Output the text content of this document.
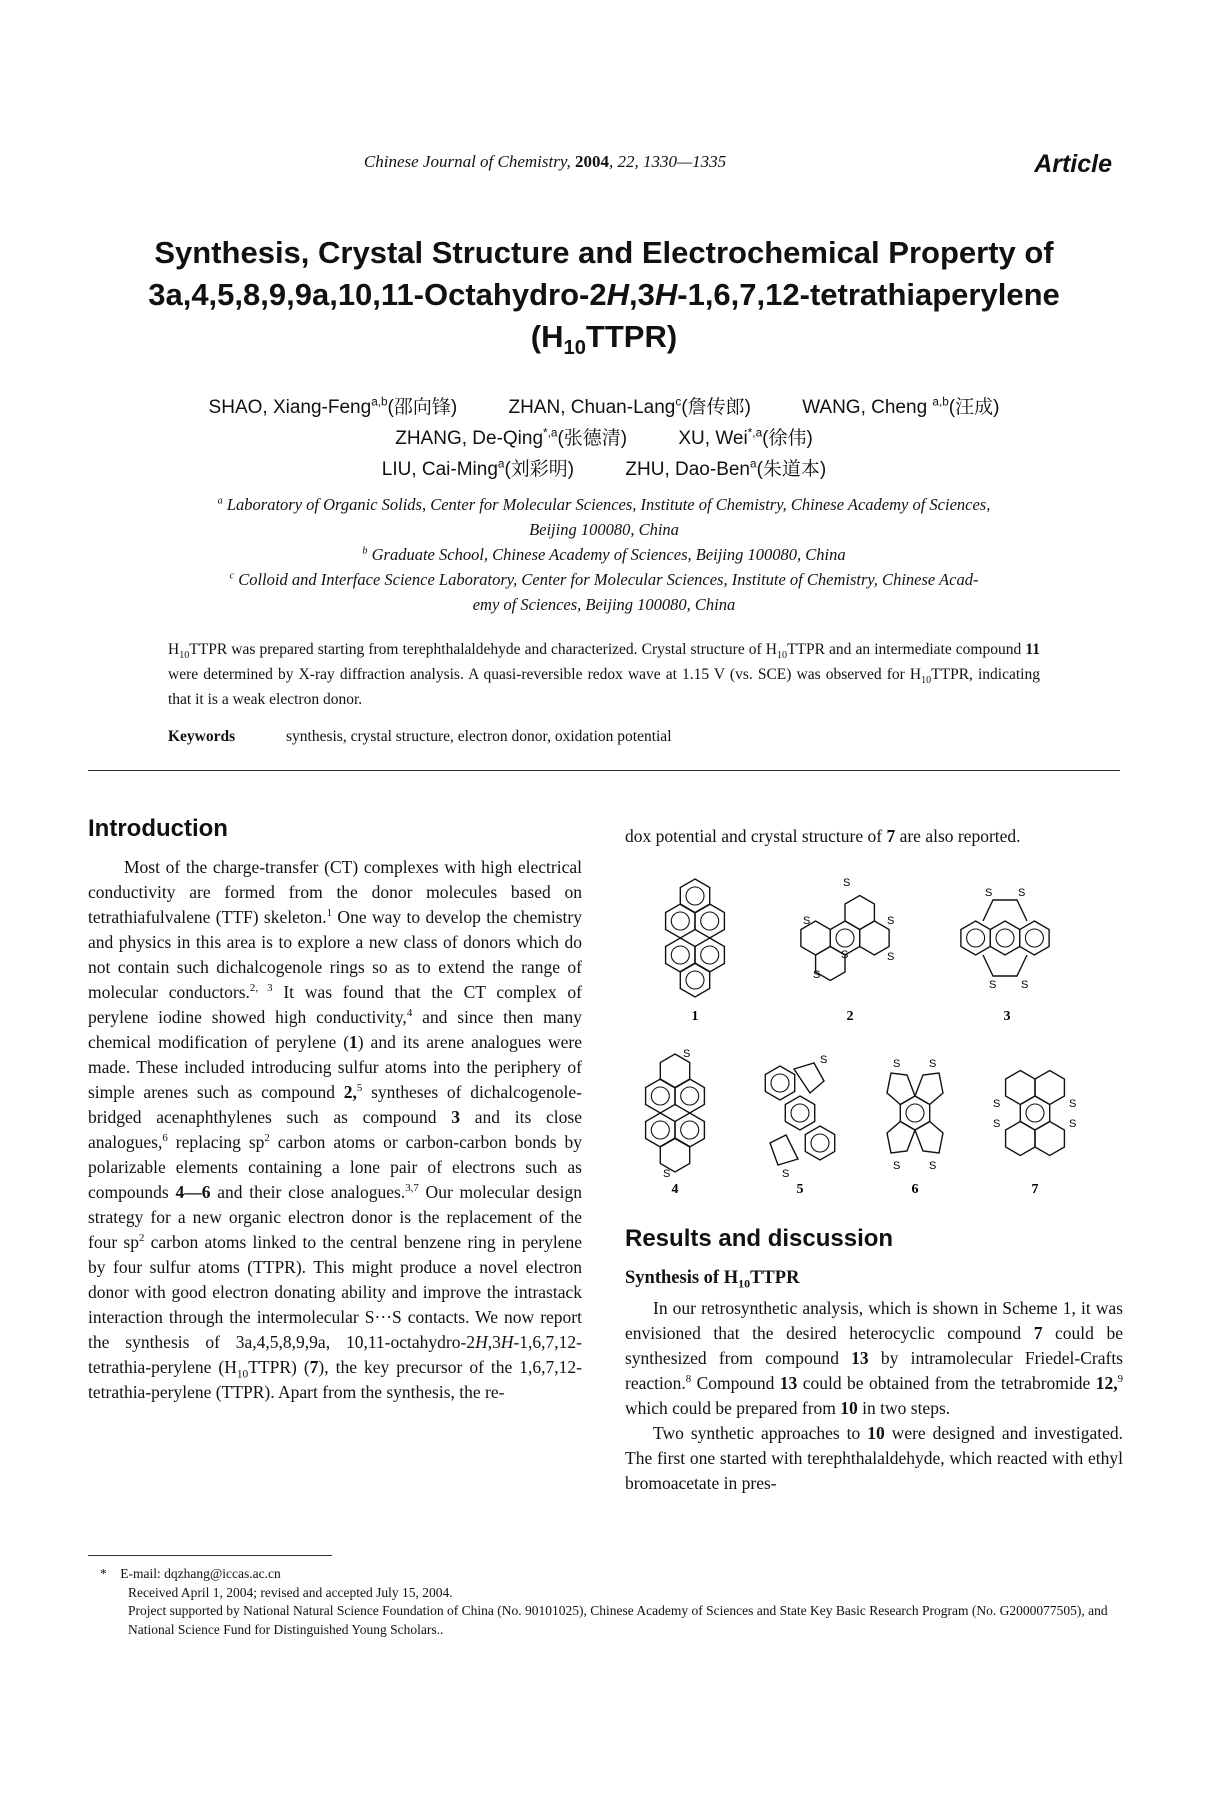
Chinese Journal of Chemistry, 2004, 22, 1330—1335	Article
Synthesis, Crystal Structure and Electrochemical Property of
3a,4,5,8,9,9a,10,11-Octahydro-2H,3H-1,6,7,12-tetrathiaperylene
$(H_{10}TTPR)$
SHAO, Xiang-Feng$^{a,b}$(邵向锋)	ZHAN, Chuan-Lang$^c$(詹传郎)	WANG, Cheng $^{a,b}$(汪成)
ZHANG, De-Qing$^{*,a}$(张德清)	XU, Wei$^{*,a}$(徐伟)
LIU, Cai-Ming$^a$(刘彩明)	ZHU, Dao-Ben$^a$(朱道本)
$^a$ Laboratory of Organic Solids, Center for Molecular Sciences, Institute of Chemistry, Chinese Academy of Sciences,
Beijing 100080, China
$^b$ Graduate School, Chinese Academy of Sciences, Beijing 100080, China
$^c$ Colloid and Interface Science Laboratory, Center for Molecular Sciences, Institute of Chemistry, Chinese Acad-
emy of Sciences, Beijing 100080, China
$H_{10}TTPR$ was prepared starting from terephthalaldehyde and characterized. Crystal structure of $H_{10}TTPR$ and an intermediate compound 11 were determined by X-ray diffraction analysis. A quasi-reversible redox wave at 1.15 V (vs. SCE) was observed for $H_{10}TTPR$, indicating that it is a weak electron donor.
Keywords	synthesis, crystal structure, electron donor, oxidation potential
Introduction
Most of the charge-transfer (CT) complexes with high electrical conductivity are formed from the donor molecules based on tetrathiafulvalene (TTF) skeleton.$^1$ One way to develop the chemistry and physics in this area is to explore a new class of donors which do not contain such dichalcogenole rings so as to extend the range of molecular conductors.$^{2, 3}$ It was found that the CT complex of perylene iodine showed high conductivity,$^4$ and since then many chemical modification of perylene (1) and its arene analogues were made. These included introducing sulfur atoms into the periphery of simple arenes such as compound 2,$^5$ syntheses of dichalcogenole-bridged acenaphthylenes such as compound 3 and its close analogues,$^6$ replacing $sp^2$ carbon atoms or carbon-carbon bonds by polarizable elements containing a lone pair of electrons such as compounds 4—6 and their close analogues.$^{3,7}$ Our molecular design strategy for a new organic electron donor is the replacement of the four $sp^2$ carbon atoms linked to the central benzene ring in perylene by four sulfur atoms (TTPR). This might produce a novel electron donor with good electron donating ability and improve the intrastack interaction through the intermolecular S···S contacts. We now report the synthesis of 3a,4,5,8,9,9a, 10,11-octahydro-2H,3H-1,6,7,12-tetrathia-perylene $(H_{10}TTPR)$ (7), the key precursor of the 1,6,7,12-tetrathia-perylene (TTPR). Apart from the synthesis, the re-
dox potential and crystal structure of 7 are also reported.
S
S
S
S
S
S
S S
S S
1	2	3
S
S
S
S
S	S
S	S
S	S
S	S
4	5	6	7
Results and discussion
Synthesis of $H_{10}TTPR$

In our retrosynthetic analysis, which is shown in Scheme 1, it was envisioned that the desired heterocyclic compound 7 could be synthesized from compound 13 by intramolecular Friedel-Crafts reaction.$^8$ Compound 13 could be obtained from the tetrabromide 12,$^9$ which could be prepared from 10 in two steps.

Two synthetic approaches to 10 were designed and investigated. The first one started with terephthalaldehyde, which reacted with ethyl bromoacetate in pres-

* E-mail: dqzhang@iccas.ac.cn
Received April 1, 2004; revised and accepted July 15, 2004.
Project supported by National Natural Science Foundation of China (No. 90101025), Chinese Academy of Sciences and State Key Basic Research Program (No. G2000077505), and National Science Fund for Distinguished Young Scholars..
